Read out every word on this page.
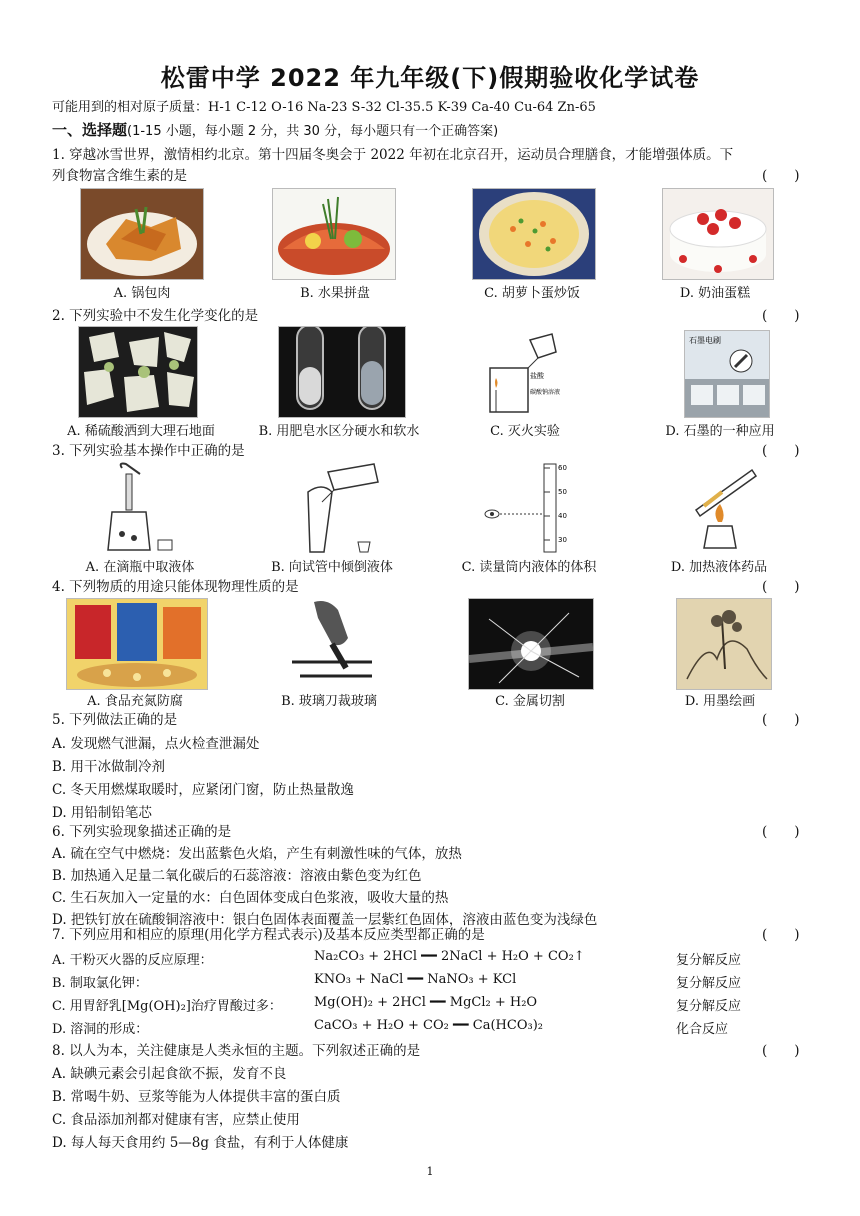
松雷中学 2022 年九年级(下)假期验收化学试卷
可能用到的相对原子质量：H-1 C-12 O-16 Na-23 S-32 Cl-35.5 K-39 Ca-40 Cu-64 Zn-65
一、选择题(1-15 小题，每小题 2 分，共 30 分，每小题只有一个正确答案)
1. 穿越冰雪世界，激情相约北京。第十四届冬奥会于 2022 年初在北京召开，运动员合理膳食，才能增强体质。下
列食物富含维生素的是	(　　)
A. 锅包肉	B. 水果拼盘	C. 胡萝卜蛋炒饭	D. 奶油蛋糕
2. 下列实验中不发生化学变化的是	(　　)
盐酸
碳酸钠溶液
石墨电刷
A. 稀硫酸洒到大理石地面	B. 用肥皂水区分硬水和软水	C. 灭火实验	D. 石墨的一种应用
3. 下列实验基本操作中正确的是	(　　)
60
50
40
30
A. 在滴瓶中取液体	B. 向试管中倾倒液体	C. 读量筒内液体的体积	D. 加热液体药品
4. 下列物质的用途只能体现物理性质的是	(　　)
A. 食品充氮防腐	B. 玻璃刀裁玻璃	C. 金属切割	D. 用墨绘画
5. 下列做法正确的是	(　　)
A. 发现燃气泄漏，点火检查泄漏处
B. 用干冰做制冷剂
C. 冬天用燃煤取暖时，应紧闭门窗，防止热量散逸
D. 用铅制铅笔芯
6. 下列实验现象描述正确的是	(　　)
A. 硫在空气中燃烧：发出蓝紫色火焰，产生有刺激性味的气体，放热
B. 加热通入足量二氧化碳后的石蕊溶液：溶液由紫色变为红色
C. 生石灰加入一定量的水：白色固体变成白色浆液，吸收大量的热
D. 把铁钉放在硫酸铜溶液中：银白色固体表面覆盖一层紫红色固体，溶液由蓝色变为浅绿色
7. 下列应用和相应的原理(用化学方程式表示)及基本反应类型都正确的是	(　　)
A. 干粉灭火器的反应原理：	Na₂CO₃ + 2HCl ━━ 2NaCl + H₂O + CO₂↑	复分解反应
B. 制取氯化钾：	KNO₃ + NaCl ━━ NaNO₃ + KCl	复分解反应
C. 用胃舒乳[Mg(OH)₂]治疗胃酸过多： Mg(OH)₂ + 2HCl ━━ MgCl₂ + H₂O	复分解反应
D. 溶洞的形成：	CaCO₃ + H₂O + CO₂ ━━ Ca(HCO₃)₂	化合反应
8. 以人为本，关注健康是人类永恒的主题。下列叙述正确的是	(　　)
A. 缺碘元素会引起食欲不振，发育不良
B. 常喝牛奶、豆浆等能为人体提供丰富的蛋白质
C. 食品添加剂都对健康有害，应禁止使用
D. 每人每天食用约 5—8g 食盐，有利于人体健康
1
